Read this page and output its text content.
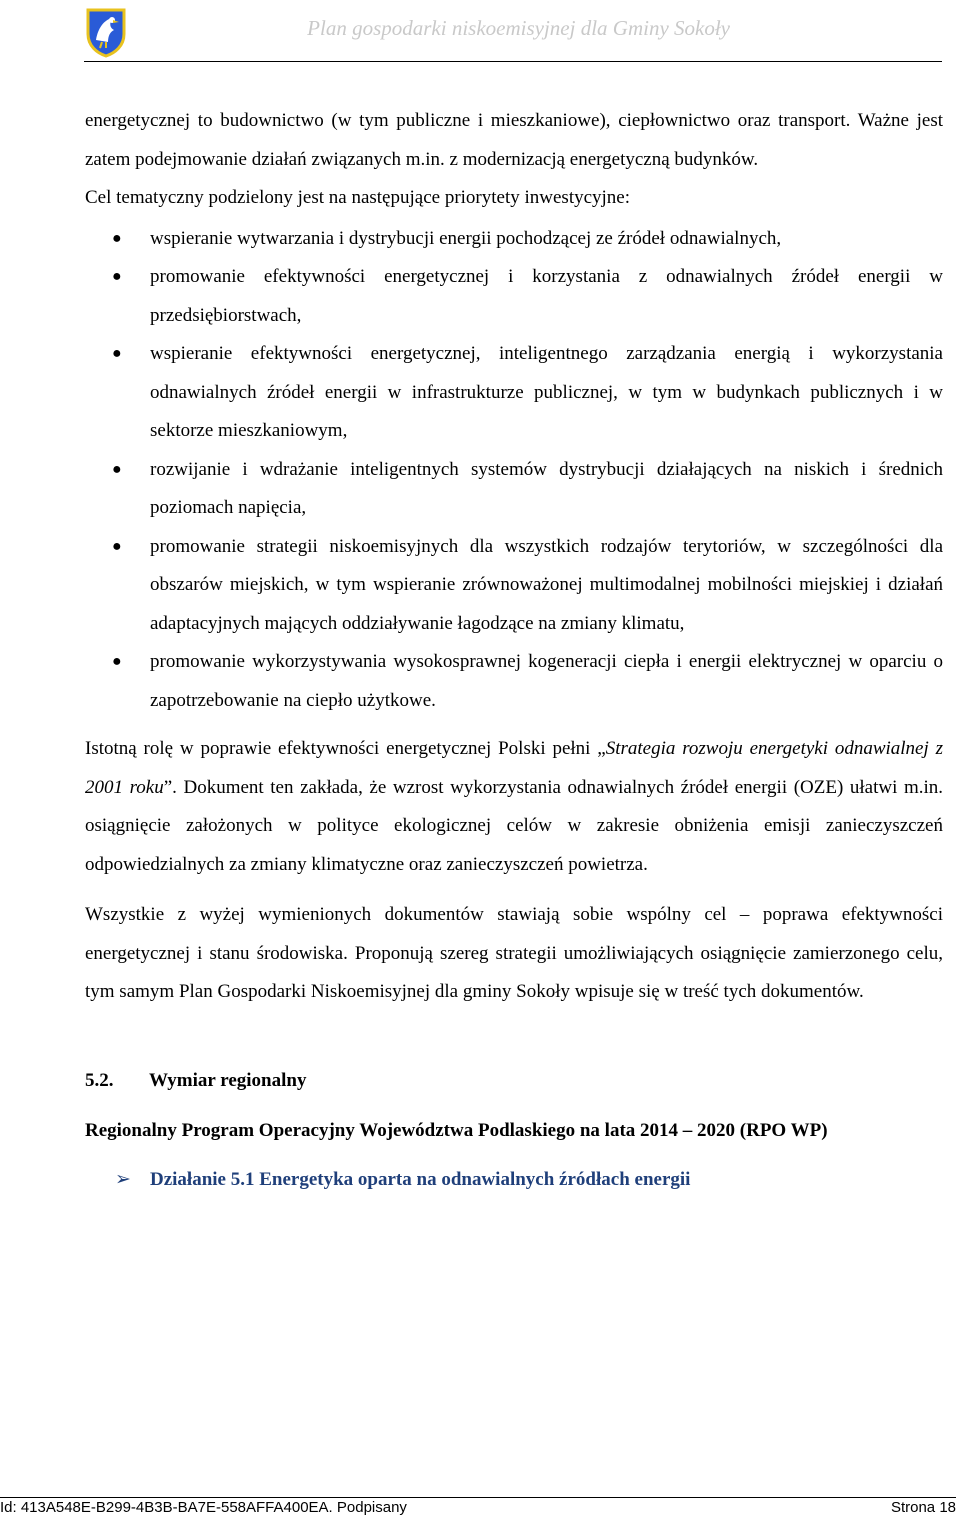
Plan gospodarki niskoemisyjnej dla Gminy Sokoły

energetycznej to budownictwo (w tym publiczne i mieszkaniowe), ciepłownictwo oraz transport. Ważne jest zatem podejmowanie działań związanych m.in. z modernizacją energetyczną budynków.

Cel tematyczny podzielony jest na następujące priorytety inwestycyjne:

● wspieranie wytwarzania i dystrybucji energii pochodzącej ze źródeł odnawialnych,
● promowanie efektywności energetycznej i korzystania z odnawialnych źródeł energii w przedsiębiorstwach,
● wspieranie efektywności energetycznej, inteligentnego zarządzania energią i wykorzystania odnawialnych źródeł energii w infrastrukturze publicznej, w tym w budynkach publicznych i w sektorze mieszkaniowym,
● rozwijanie i wdrażanie inteligentnych systemów dystrybucji działających na niskich i średnich poziomach napięcia,
● promowanie strategii niskoemisyjnych dla wszystkich rodzajów terytoriów, w szczególności dla obszarów miejskich, w tym wspieranie zrównoważonej multimodalnej mobilności miejskiej i działań adaptacyjnych mających oddziaływanie łagodzące na zmiany klimatu,
● promowanie wykorzystywania wysokosprawnej kogeneracji ciepła i energii elektrycznej w oparciu o zapotrzebowanie na ciepło użytkowe.

Istotną rolę w poprawie efektywności energetycznej Polski pełni „Strategia rozwoju energetyki odnawialnej z 2001 roku”. Dokument ten zakłada, że wzrost wykorzystania odnawialnych źródeł energii (OZE) ułatwi m.in. osiągnięcie założonych w polityce ekologicznej celów w zakresie obniżenia emisji zanieczyszczeń odpowiedzialnych za zmiany klimatyczne oraz zanieczyszczeń powietrza.

Wszystkie z wyżej wymienionych dokumentów stawiają sobie wspólny cel – poprawa efektywności energetycznej i stanu środowiska. Proponują szereg strategii umożliwiających osiągnięcie zamierzonego celu, tym samym Plan Gospodarki Niskoemisyjnej dla gminy Sokoły wpisuje się w treść tych dokumentów.

5.2. Wymiar regionalny

Regionalny Program Operacyjny Województwa Podlaskiego na lata 2014 – 2020 (RPO WP)

➢ Działanie 5.1 Energetyka oparta na odnawialnych źródłach energii
Id: 413A548E-B299-4B3B-BA7E-558AFFA400EA. Podpisany	Strona 18
